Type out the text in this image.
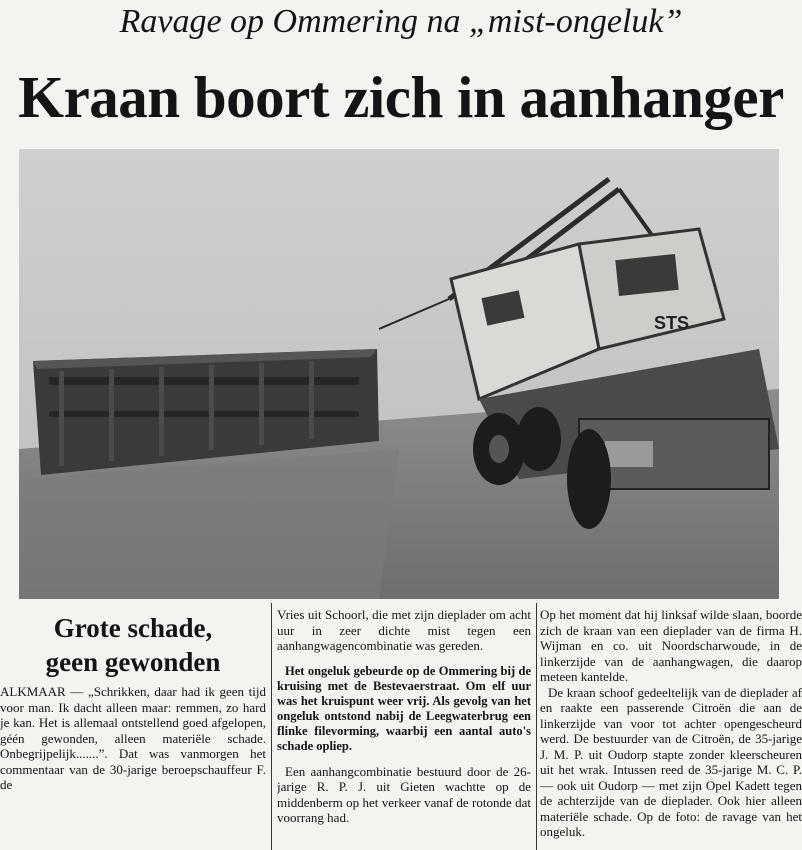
Ravage op Ommering na „mist-ongeluk”
Kraan boort zich in aanhanger
STS
Grote schade,
geen gewonden

ALKMAAR — „Schrikken, daar had ik geen tijd voor man. Ik dacht alleen maar: remmen, zo hard je kan. Het is allemaal ontstellend goed afgelopen, géén gewonden, alleen materiële schade. Onbegrijpelijk.......”. Dat was vanmorgen het commentaar van de 30-jarige beroepschauffeur F. de

Vries uit Schoorl, die met zijn dieplader om acht uur in zeer dichte mist tegen een aanhangwagencombinatie was gereden.

Het ongeluk gebeurde op de Ommering bij de kruising met de Bestevaerstraat. Om elf uur was het kruispunt weer vrij. Als gevolg van het ongeluk ontstond nabij de Leegwaterbrug een flinke filevorming, waarbij een aantal auto's schade opliep.

Een aanhangcombinatie bestuurd door de 26-jarige R. P. J. uit Gieten wachtte op de middenberm op het verkeer vanaf de rotonde dat voorrang had.

Op het moment dat hij linksaf wilde slaan, boorde zich de kraan van een dieplader van de firma H. Wijman en co. uit Noordscharwoude, in de linkerzijde van de aanhangwagen, die daarop meteen kantelde.

De kraan schoof gedeeltelijk van de dieplader af en raakte een passerende Citroën die aan de linkerzijde van voor tot achter opengescheurd werd. De bestuurder van de Citroën, de 35-jarige J. M. P. uit Oudorp stapte zonder kleerscheuren uit het wrak. Intussen reed de 35-jarige M. C. P. — ook uit Oudorp — met zijn Opel Kadett tegen de achterzijde van de dieplader. Ook hier alleen materiële schade. Op de foto: de ravage van het ongeluk.
